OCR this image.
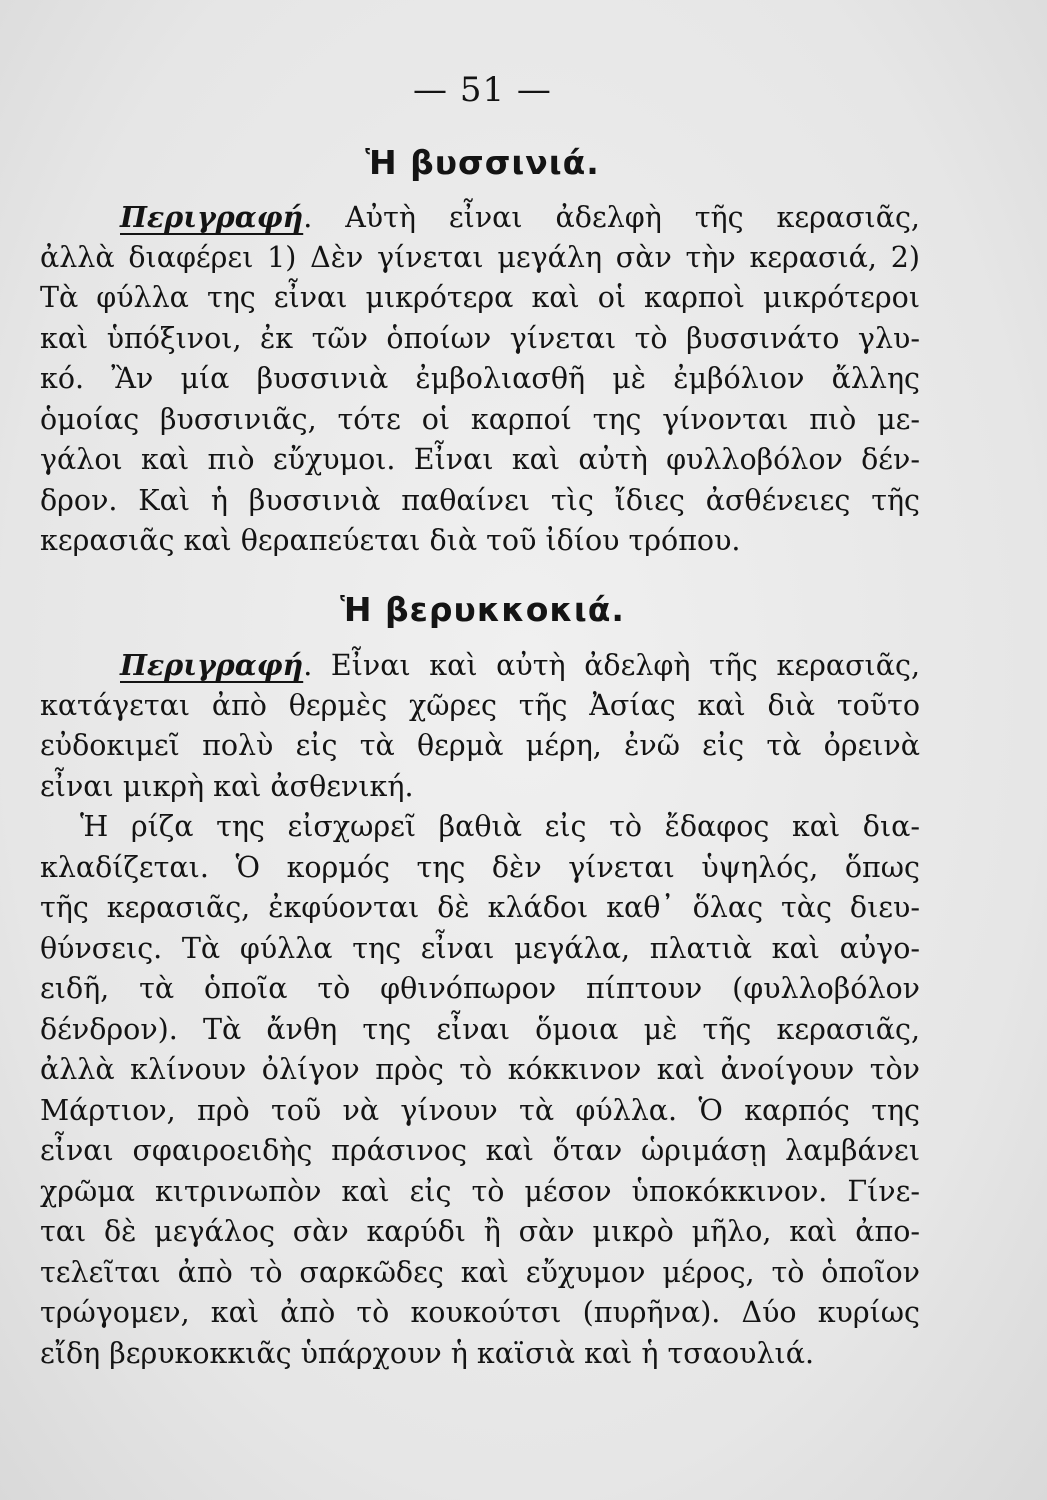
— 51 —
Ἡ βυσσινιά.
Περιγραφή. Αὐτὴ εἶναι ἀδελφὴ τῆς κερασιᾶς,
ἀλλὰ διαφέρει 1) Δὲν γίνεται μεγάλη σὰν τὴν κερασιά, 2)
Τὰ φύλλα της εἶναι μικρότερα καὶ οἱ καρποὶ μικρότεροι
καὶ ὑπόξινοι, ἐκ τῶν ὁποίων γίνεται τὸ βυσσινάτο γλυ-
κό. Ἂν μία βυσσινιὰ ἐμβολιασθῆ μὲ ἐμβόλιον ἄλλης
ὁμοίας βυσσινιᾶς, τότε οἱ καρποί της γίνονται πιὸ με-
γάλοι καὶ πιὸ εὔχυμοι. Εἶναι καὶ αὐτὴ φυλλοβόλον δέν-
δρον. Καὶ ἡ βυσσινιὰ παθαίνει τὶς ἴδιες ἀσθένειες τῆς
κερασιᾶς καὶ θεραπεύεται διὰ τοῦ ἰδίου τρόπου.
Ἡ βερυκκοκιά.
Περιγραφή. Εἶναι καὶ αὐτὴ ἀδελφὴ τῆς κερασιᾶς,
κατάγεται ἀπὸ θερμὲς χῶρες τῆς Ἀσίας καὶ διὰ τοῦτο
εὐδοκιμεῖ πολὺ εἰς τὰ θερμὰ μέρη, ἐνῶ εἰς τὰ ὀρεινὰ
εἶναι μικρὴ καὶ ἀσθενική.
Ἡ ρίζα της εἰσχωρεῖ βαθιὰ εἰς τὸ ἔδαφος καὶ δια-
κλαδίζεται. Ὁ κορμός της δὲν γίνεται ὑψηλός, ὅπως
τῆς κερασιᾶς, ἐκφύονται δὲ κλάδοι καθ᾿ ὅλας τὰς διευ-
θύνσεις. Τὰ φύλλα της εἶναι μεγάλα, πλατιὰ καὶ αὐγο-
ειδῆ, τὰ ὁποῖα τὸ φθινόπωρον πίπτουν (φυλλοβόλον
δένδρον). Τὰ ἄνθη της εἶναι ὅμοια μὲ τῆς κερασιᾶς,
ἀλλὰ κλίνουν ὀλίγον πρὸς τὸ κόκκινον καὶ ἀνοίγουν τὸν
Μάρτιον, πρὸ τοῦ νὰ γίνουν τὰ φύλλα. Ὁ καρπός της
εἶναι σφαιροειδὴς πράσινος καὶ ὅταν ὡριμάσῃ λαμβάνει
χρῶμα κιτρινωπὸν καὶ εἰς τὸ μέσον ὑποκόκκινον. Γίνε-
ται δὲ μεγάλος σὰν καρύδι ἢ σὰν μικρὸ μῆλο, καὶ ἀπο-
τελεῖται ἀπὸ τὸ σαρκῶδες καὶ εὔχυμον μέρος, τὸ ὁποῖον
τρώγομεν, καὶ ἀπὸ τὸ κουκούτσι (πυρῆνα). Δύο κυρίως
εἴδη βερυκοκκιᾶς ὑπάρχουν ἡ καϊσιὰ καὶ ἡ τσαουλιά.
